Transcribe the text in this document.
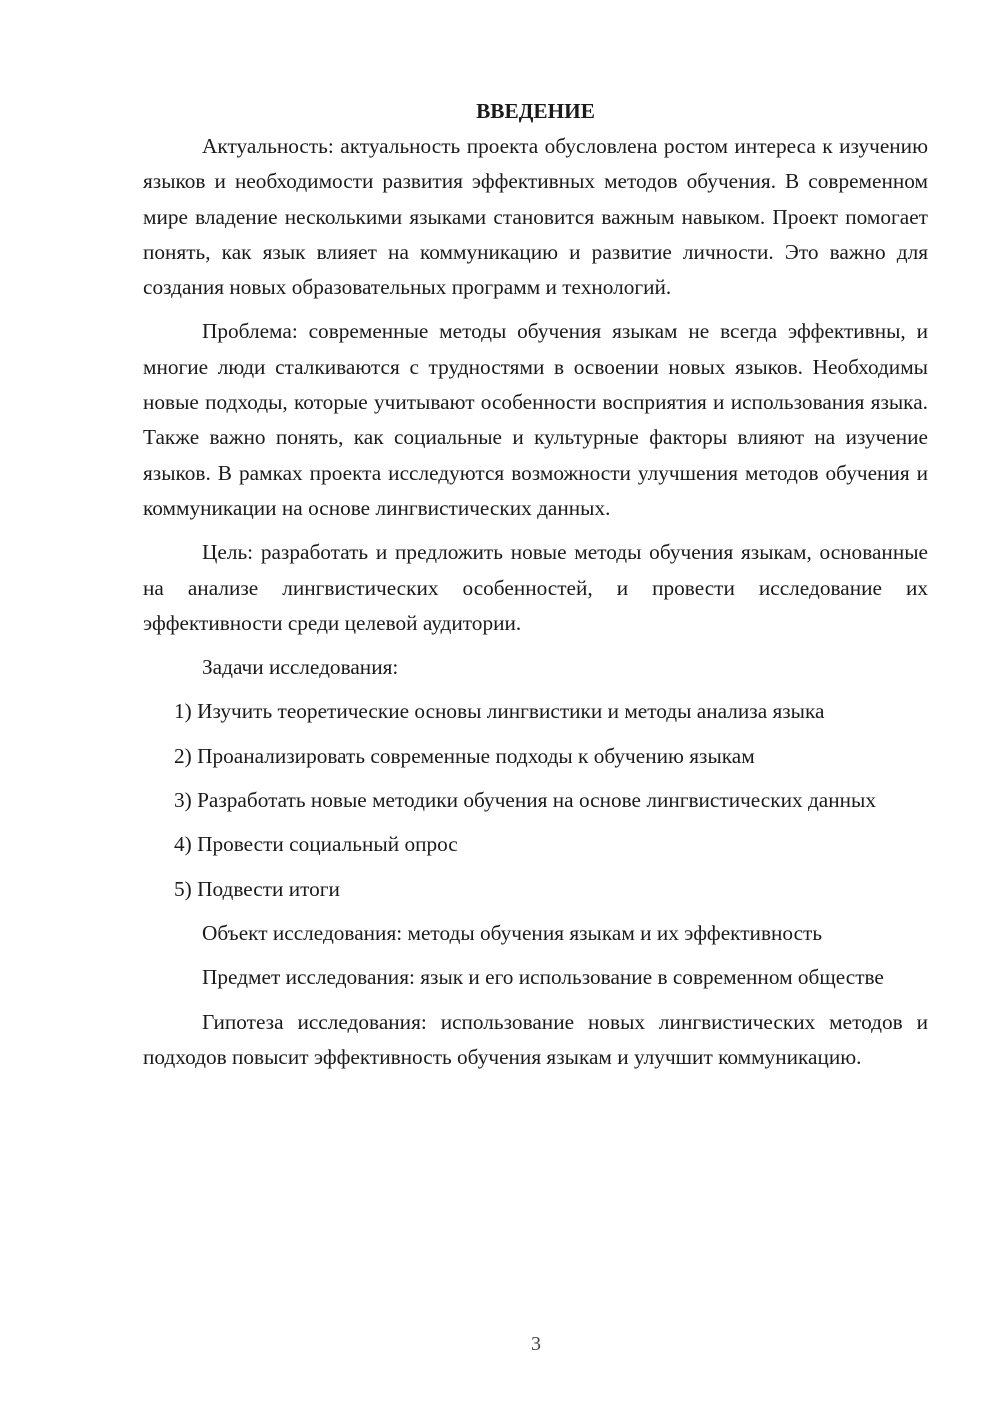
ВВЕДЕНИЕ

Актуальность: актуальность проекта обусловлена ростом интереса к изучению языков и необходимости развития эффективных методов обучения. В современном мире владение несколькими языками становится важным навыком. Проект помогает понять, как язык влияет на коммуникацию и развитие личности. Это важно для создания новых образовательных программ и технологий.

Проблема: современные методы обучения языкам не всегда эффективны, и многие люди сталкиваются с трудностями в освоении новых языков. Необходимы новые подходы, которые учитывают особенности восприятия и использования языка. Также важно понять, как социальные и культурные факторы влияют на изучение языков. В рамках проекта исследуются возможности улучшения методов обучения и коммуникации на основе лингвистических данных.

Цель: разработать и предложить новые методы обучения языкам, основанные на анализе лингвистических особенностей, и провести исследование их эффективности среди целевой аудитории.

Задачи исследования:

1) Изучить теоретические основы лингвистики и методы анализа языка

2) Проанализировать современные подходы к обучению языкам

3) Разработать новые методики обучения на основе лингвистических данных

4) Провести социальный опрос

5) Подвести итоги

Объект исследования: методы обучения языкам и их эффективность

Предмет исследования: язык и его использование в современном обществе

Гипотеза исследования: использование новых лингвистических методов и подходов повысит эффективность обучения языкам и улучшит коммуникацию.

3
